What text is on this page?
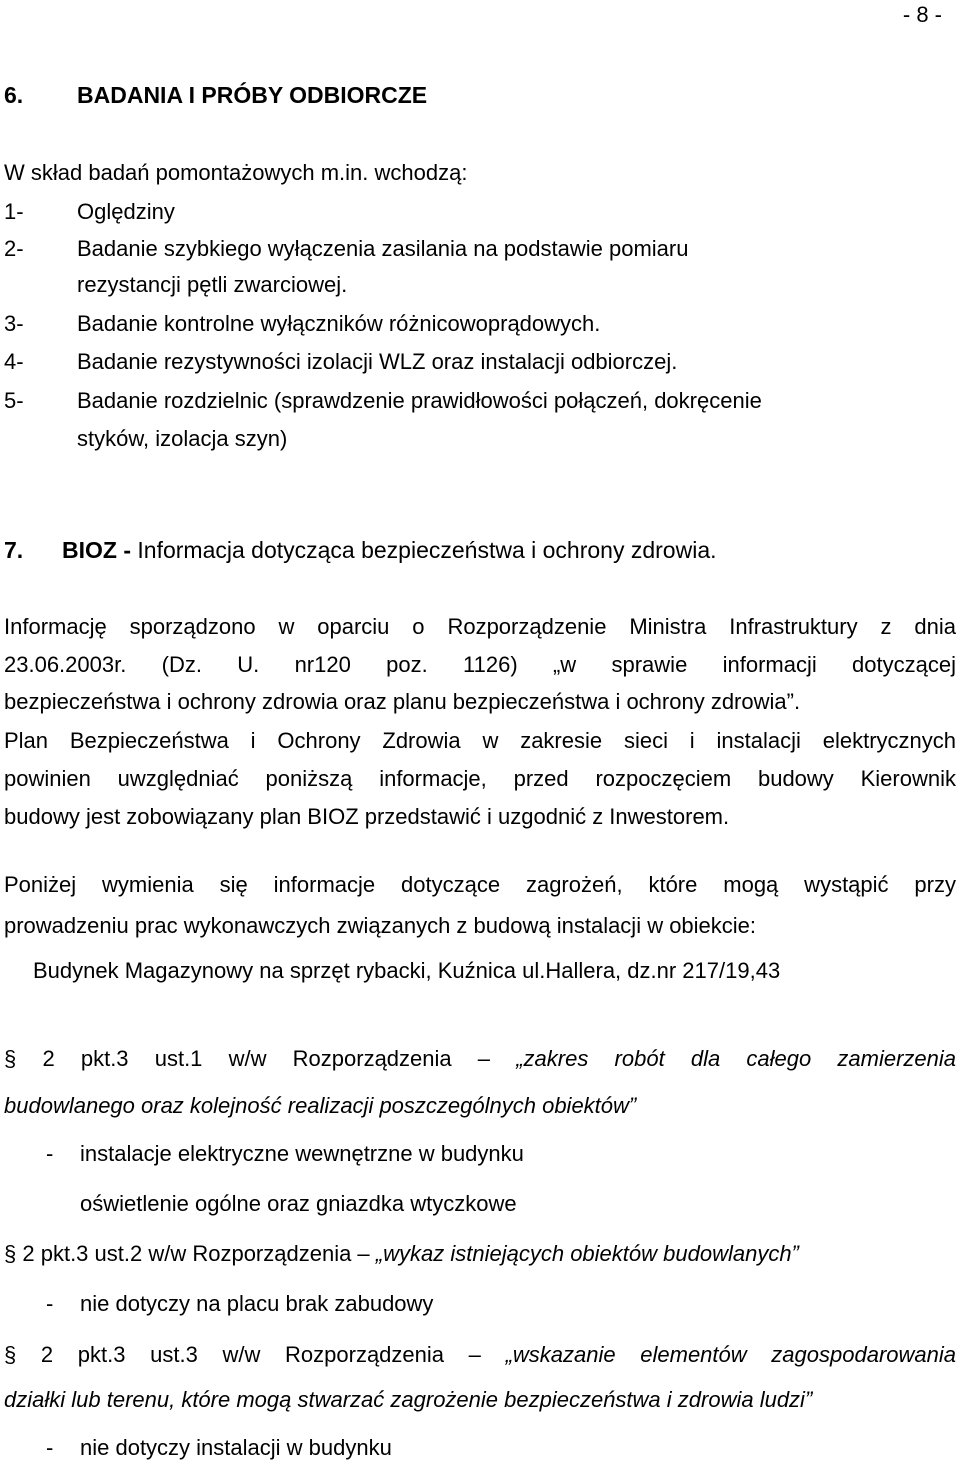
- 8 -
6. BADANIA I PRÓBY ODBIORCZE
W skład badań pomontażowych m.in. wchodzą:
1- Oględziny
2- Badanie szybkiego wyłączenia zasilania na podstawie pomiaru
rezystancji pętli zwarciowej.
3- Badanie kontrolne wyłączników różnicowoprądowych.
4- Badanie rezystywności izolacji WLZ oraz instalacji odbiorczej.
5- Badanie rozdzielnic (sprawdzenie prawidłowości połączeń, dokręcenie
styków, izolacja szyn)
7. BIOZ - Informacja dotycząca bezpieczeństwa i ochrony zdrowia.
Informację sporządzono w oparciu o Rozporządzenie Ministra Infrastruktury z dnia
23.06.2003r. (Dz. U. nr120 poz. 1126) „w sprawie informacji dotyczącej
bezpieczeństwa i ochrony zdrowia oraz planu bezpieczeństwa i ochrony zdrowia”.
Plan Bezpieczeństwa i Ochrony Zdrowia w zakresie sieci i instalacji elektrycznych
powinien uwzględniać poniższą informacje, przed rozpoczęciem budowy Kierownik
budowy jest zobowiązany plan BIOZ przedstawić i uzgodnić z Inwestorem.
Poniżej wymienia się informacje dotyczące zagrożeń, które mogą wystąpić przy
prowadzeniu prac wykonawczych związanych z budową instalacji w obiekcie:
Budynek Magazynowy na sprzęt rybacki, Kuźnica ul.Hallera, dz.nr 217/19,43
§ 2 pkt.3 ust.1 w/w Rozporządzenia – „zakres robót dla całego zamierzenia
budowlanego oraz kolejność realizacji poszczególnych obiektów”
- instalacje elektryczne wewnętrzne w budynku
oświetlenie ogólne oraz gniazdka wtyczkowe
§ 2 pkt.3 ust.2 w/w Rozporządzenia – „wykaz istniejących obiektów budowlanych”
- nie dotyczy na placu brak zabudowy
§ 2 pkt.3 ust.3 w/w Rozporządzenia – „wskazanie elementów zagospodarowania
działki lub terenu, które mogą stwarzać zagrożenie bezpieczeństwa i zdrowia ludzi”
- nie dotyczy instalacji w budynku
